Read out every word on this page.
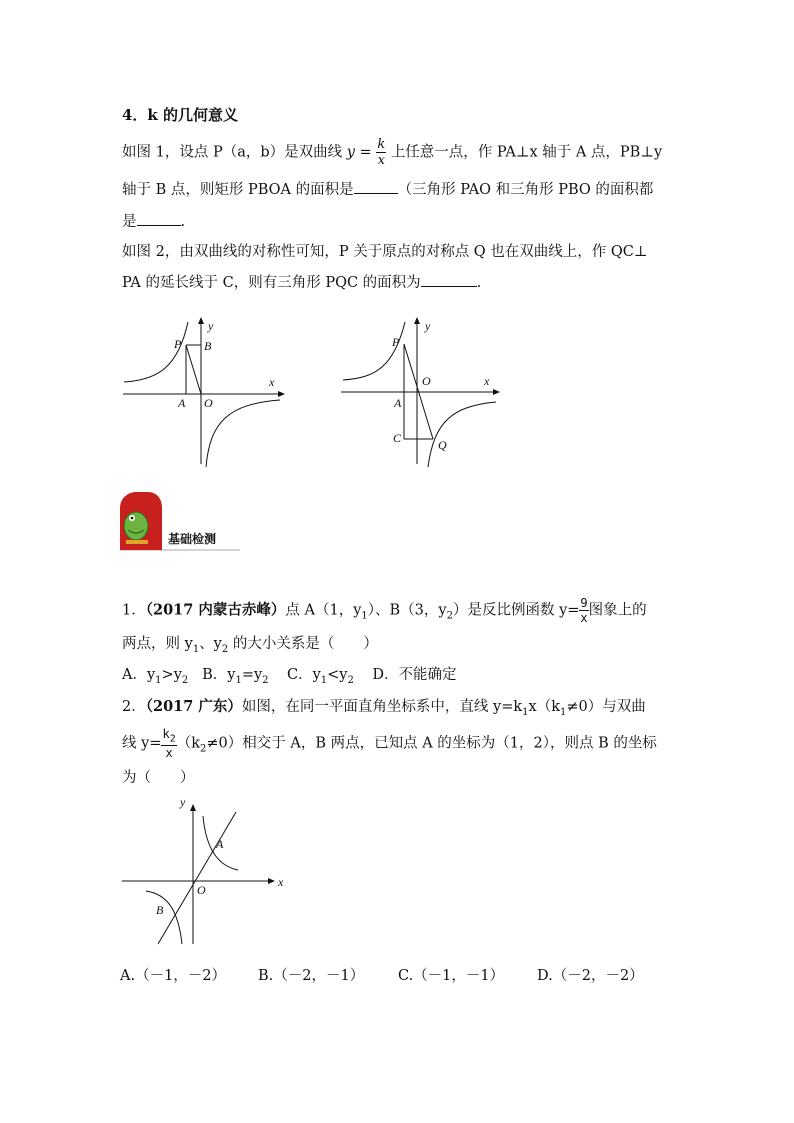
4．k 的几何意义
如图 1，设点 P（a，b）是双曲线 $y = \frac{k}{x}$ 上任意一点，作 PA⊥x 轴于 A 点，PB⊥y
轴于 B 点，则矩形 PBOA 的面积是	（三角形 PAO 和三角形 PBO 的面积都
是	.
如图 2，由双曲线的对称性可知，P 关于原点的对称点 Q 也在双曲线上，作 QC⊥
PA 的延长线于 C，则有三角形 PQC 的面积为	.
P B
y
x
A O
P
y
O	x
A
C	Q
基础检测
1．（2017 内蒙古赤峰）点 A（1，$y_1$）、B（3，$y_2$）是反比例函数 $y= \frac{9}{x}$ 图象上的
两点，则 $y_1$、$y_2$ 的大小关系是（　　）
A．$y_1>y_2$ B．$y_1=y_2$ C．$y_1<y_2$ D．不能确定
2．（2017 广东）如图，在同一平面直角坐标系中，直线 $y=k_1x(k_1\ne 0)$与双曲
线 $y= \frac{k_2}{x} (k_2\ne 0)$相交于 A，B 两点，已知点 A 的坐标为（1，2），则点 B 的坐标
为（　　）
y
A
O
x
B
A.（－1，－2） B.（－2，－1） C.（－1，－1） D.（－2，－2）
